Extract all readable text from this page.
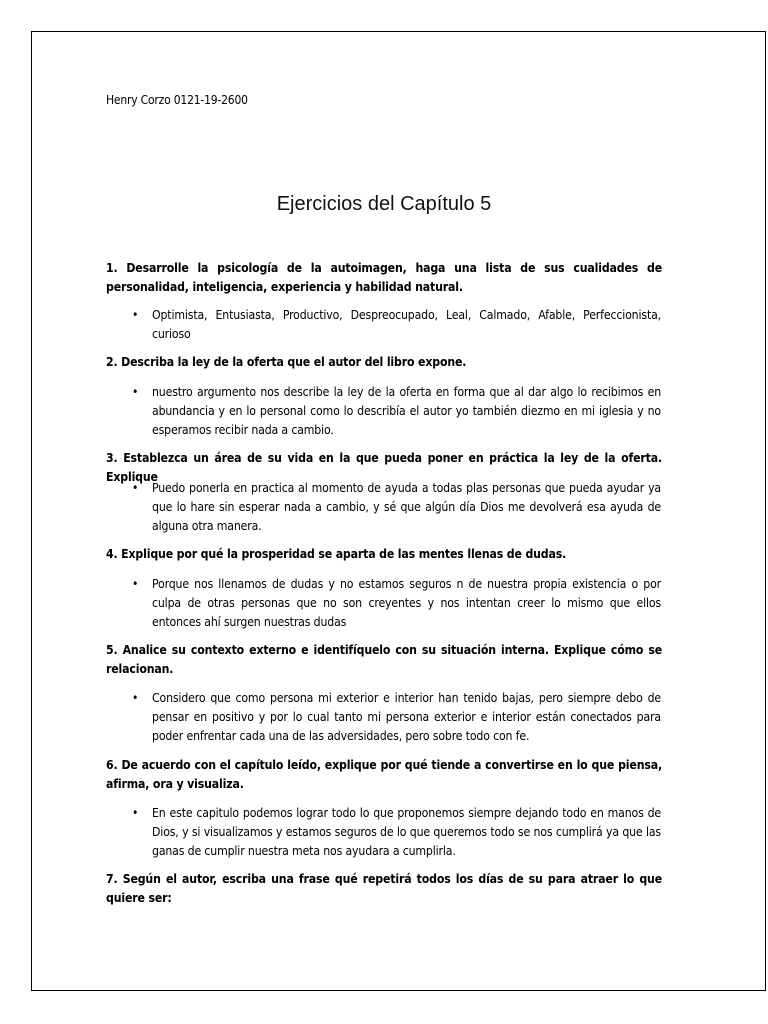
Henry Corzo 0121-19-2600
Ejercicios del Capítulo 5
1. Desarrolle la psicología de la autoimagen, haga una lista de sus cualidades de personalidad, inteligencia, experiencia y habilidad natural.
• Optimista, Entusiasta, Productivo, Despreocupado, Leal, Calmado, Afable, Perfeccionista, curioso
2. Describa la ley de la oferta que el autor del libro expone.
• nuestro argumento nos describe la ley de la oferta en forma que al dar algo lo recibimos en abundancia y en lo personal como lo describía el autor yo también diezmo en mi iglesia y no esperamos recibir nada a cambio.
3. Establezca un área de su vida en la que pueda poner en práctica la ley de la oferta. Explique
• Puedo ponerla en practica al momento de ayuda a todas plas personas que pueda ayudar ya que lo hare sin esperar nada a cambio, y sé que algún día Dios me devolverá esa ayuda de alguna otra manera.
4. Explique por qué la prosperidad se aparta de las mentes llenas de dudas.
• Porque nos llenamos de dudas y no estamos seguros n de nuestra propia existencia o por culpa de otras personas que no son creyentes y nos intentan creer lo mismo que ellos entonces ahí surgen nuestras dudas
5. Analice su contexto externo e identifíquelo con su situación interna. Explique cómo se relacionan.
• Considero que como persona mi exterior e interior han tenido bajas, pero siempre debo de pensar en positivo y por lo cual tanto mi persona exterior e interior están conectados para poder enfrentar cada una de las adversidades, pero sobre todo con fe.
6. De acuerdo con el capítulo leído, explique por qué tiende a convertirse en lo que piensa, afirma, ora y visualiza.
• En este capitulo podemos lograr todo lo que proponemos siempre dejando todo en manos de Dios, y si visualizamos y estamos seguros de lo que queremos todo se nos cumplirá ya que las ganas de cumplir nuestra meta nos ayudara a cumplirla.
7. Según el autor, escriba una frase qué repetirá todos los días de su para atraer lo que quiere ser:
